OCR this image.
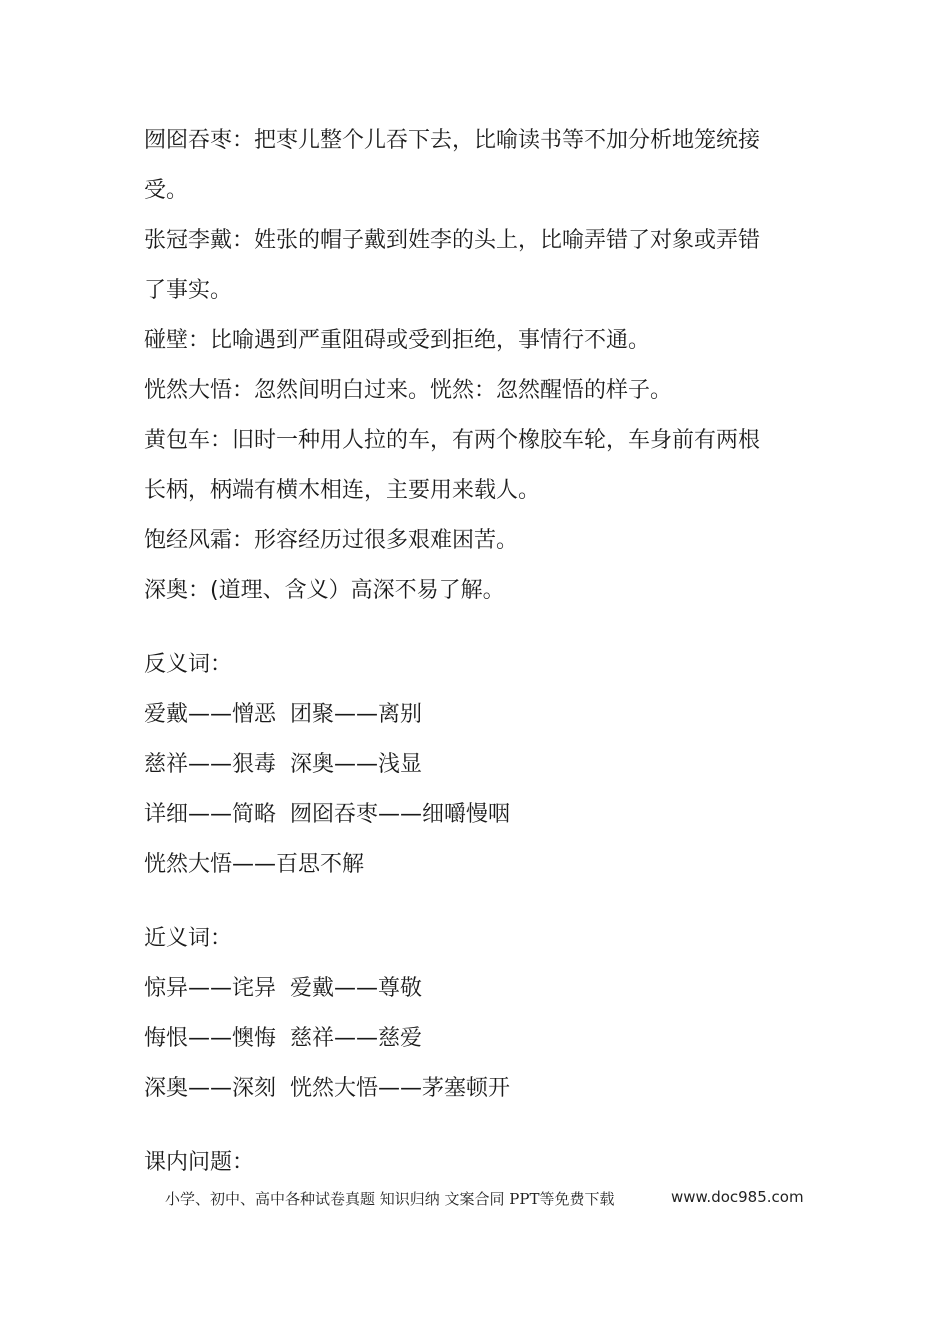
囫囵吞枣：把枣儿整个儿吞下去，比喻读书等不加分析地笼统接
受。
张冠李戴：姓张的帽子戴到姓李的头上，比喻弄错了对象或弄错
了事实。
碰壁：比喻遇到严重阻碍或受到拒绝，事情行不通。
恍然大悟：忽然间明白过来。恍然：忽然醒悟的样子。
黄包车：旧时一种用人拉的车，有两个橡胶车轮，车身前有两根
长柄，柄端有横木相连，主要用来载人。
饱经风霜：形容经历过很多艰难困苦。
深奥：(道理、含义）高深不易了解。
反义词：
爱戴——憎恶 团聚——离别
慈祥——狠毒 深奥——浅显
详细——简略 囫囵吞枣——细嚼慢咽
恍然大悟——百思不解
近义词：
惊异——诧异 爱戴——尊敬
悔恨——懊悔 慈祥——慈爱
深奥——深刻 恍然大悟——茅塞顿开
课内问题：
小学、初中、高中各种试卷真题 知识归纳 文案合同 PPT等免费下载	www.doc985.com
